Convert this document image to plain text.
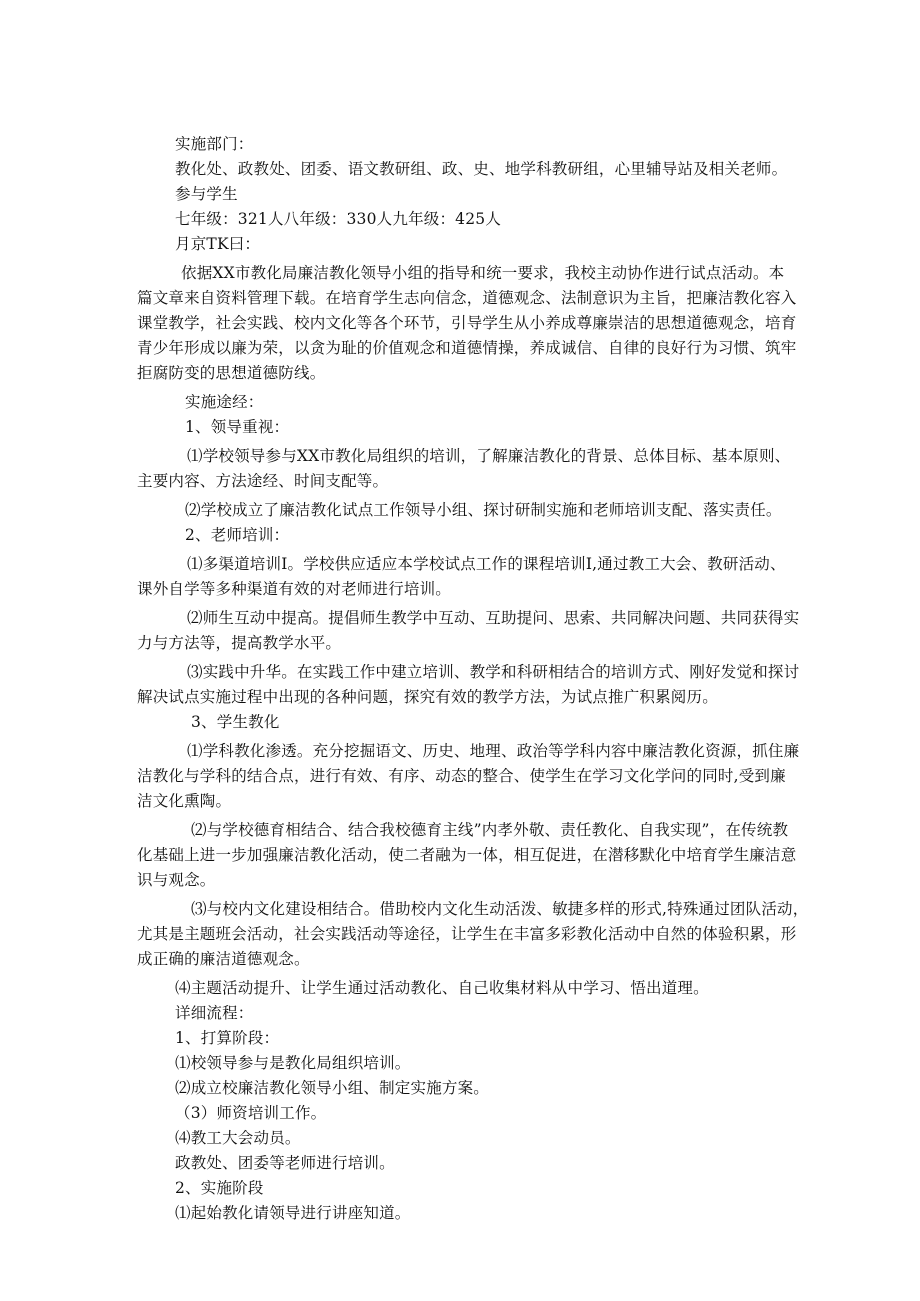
实施部门：
教化处、政教处、团委、语文教研组、政、史、地学科教研组，心里辅导站及相关老师。
参与学生
七年级：321人八年级：330人九年级：425人
月京TK曰：
依据XX市教化局廉洁教化领导小组的指导和统一要求，我校主动协作进行试点活动。本
篇文章来自资料管理下载。在培育学生志向信念，道德观念、法制意识为主旨，把廉洁教化容入
课堂教学，社会实践、校内文化等各个环节，引导学生从小养成尊廉崇洁的思想道德观念，培育
青少年形成以廉为荣，以贪为耻的价值观念和道德情操，养成诚信、自律的良好行为习惯、筑牢
拒腐防变的思想道德防线。
实施途经：
1、领导重视：
⑴学校领导参与XX市教化局组织的培训，了解廉洁教化的背景、总体目标、基本原则、
主要内容、方法途经、时间支配等。
⑵学校成立了廉洁教化试点工作领导小组、探讨研制实施和老师培训支配、落实责任。
2、老师培训：
⑴多渠道培训Ⅰ。学校供应适应本学校试点工作的课程培训Ⅰ,通过教工大会、教研活动、
课外自学等多种渠道有效的对老师进行培训。
⑵师生互动中提高。提倡师生教学中互动、互助提问、思索、共同解决问题、共同获得实
力与方法等，提高教学水平。
⑶实践中升华。在实践工作中建立培训、教学和科研相结合的培训方式、刚好发觉和探讨
解决试点实施过程中出现的各种问题，探究有效的教学方法，为试点推广积累阅历。
3、学生教化
⑴学科教化渗透。充分挖掘语文、历史、地理、政治等学科内容中廉洁教化资源，抓住廉
洁教化与学科的结合点，进行有效、有序、动态的整合、使学生在学习文化学问的同时,受到廉
洁文化熏陶。
⑵与学校德育相结合、结合我校德育主线”内孝外敬、责任教化、自我实现”，在传统教
化基础上进一步加强廉洁教化活动，使二者融为一体，相互促进，在潜移默化中培育学生廉洁意
识与观念。
⑶与校内文化建设相结合。借助校内文化生动活泼、敏捷多样的形式,特殊通过团队活动，
尤其是主题班会活动，社会实践活动等途径，让学生在丰富多彩教化活动中自然的体验积累，形
成正确的廉洁道德观念。
⑷主题活动提升、让学生通过活动教化、自己收集材料从中学习、悟出道理。
详细流程：
1、打算阶段：
⑴校领导参与是教化局组织培训。
⑵成立校廉洁教化领导小组、制定实施方案。
（3）师资培训工作。
⑷教工大会动员。
政教处、团委等老师进行培训。
2、实施阶段
⑴起始教化请领导进行讲座知道。
